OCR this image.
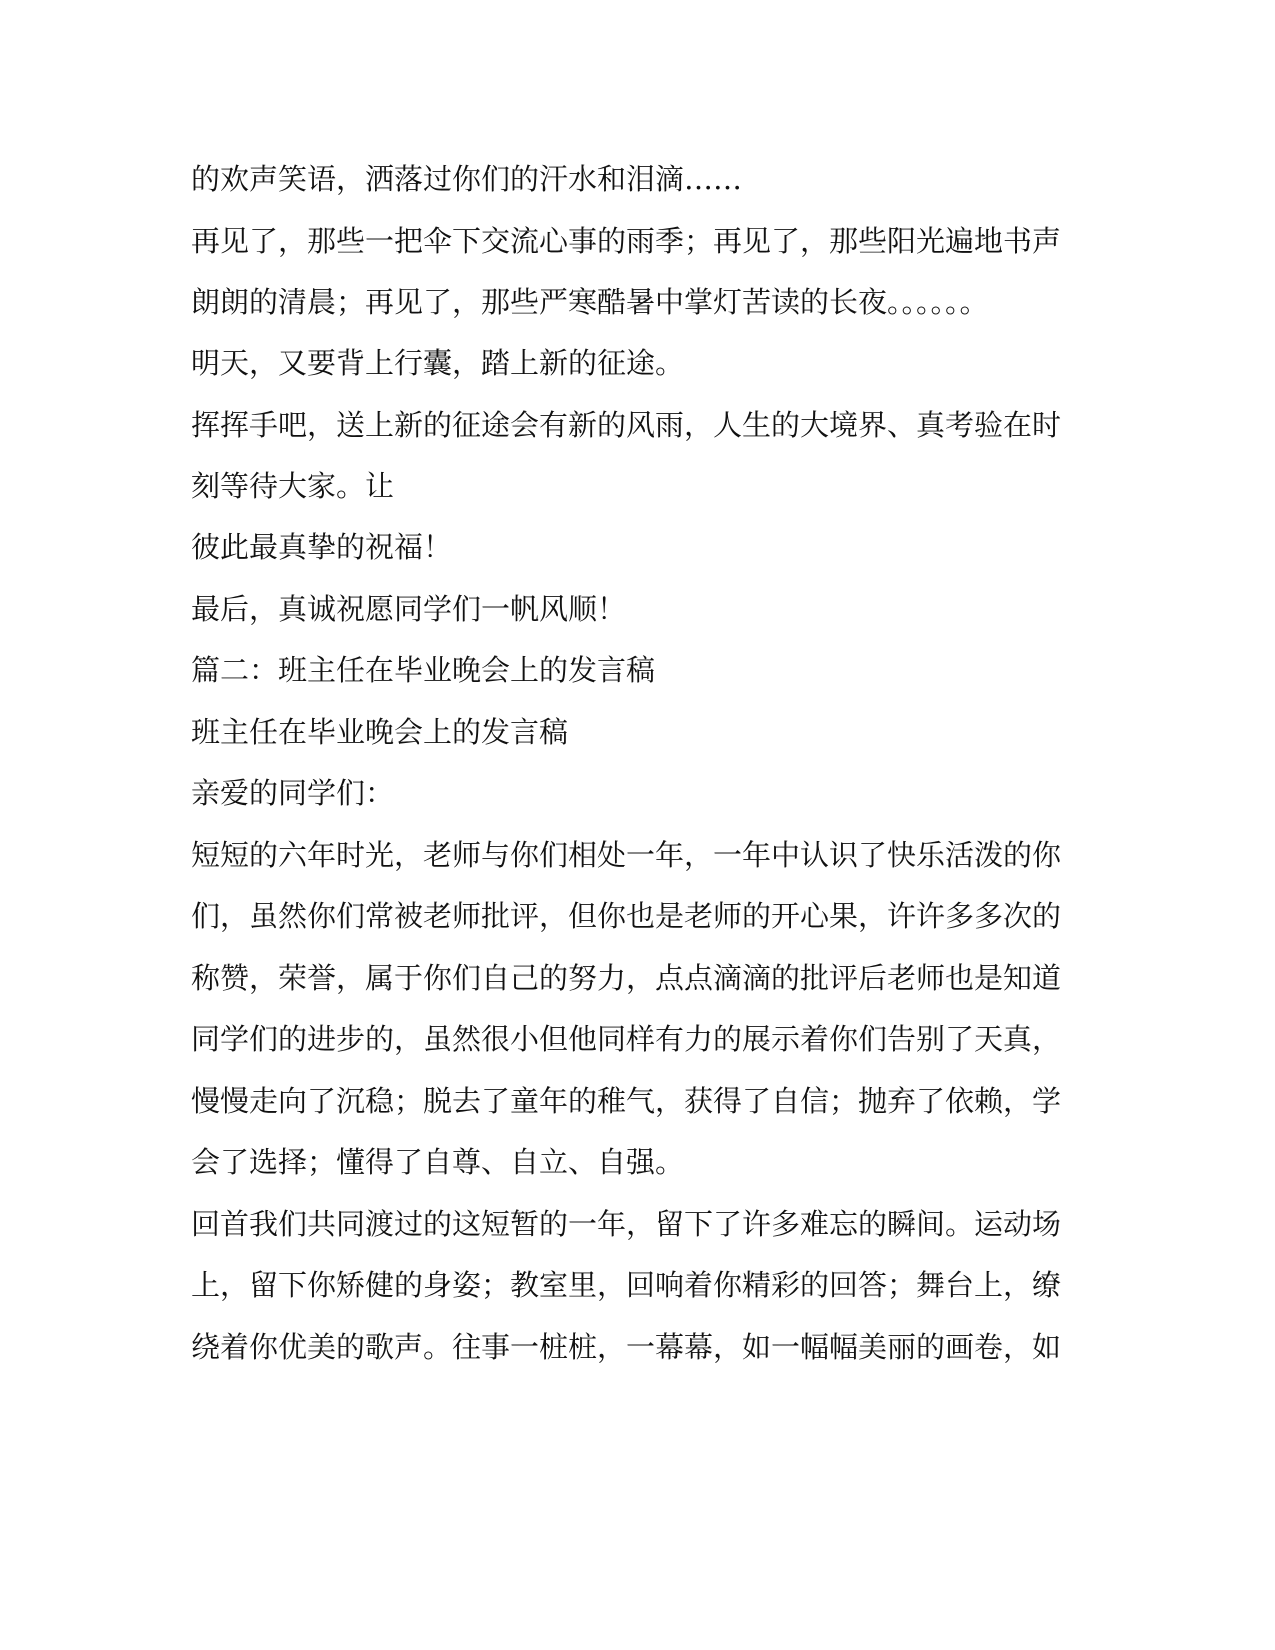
的欢声笑语，洒落过你们的汗水和泪滴……
再见了，那些一把伞下交流心事的雨季；再见了，那些阳光遍地书声
朗朗的清晨；再见了，那些严寒酷暑中掌灯苦读的长夜。。。。。。
明天，又要背上行囊，踏上新的征途。
挥挥手吧，送上新的征途会有新的风雨，人生的大境界、真考验在时
刻等待大家。让
彼此最真挚的祝福！
最后，真诚祝愿同学们一帆风顺！
篇二：班主任在毕业晚会上的发言稿
班主任在毕业晚会上的发言稿
亲爱的同学们：
短短的六年时光，老师与你们相处一年，一年中认识了快乐活泼的你
们，虽然你们常被老师批评，但你也是老师的开心果，许许多多次的
称赞，荣誉，属于你们自己的努力，点点滴滴的批评后老师也是知道
同学们的进步的，虽然很小但他同样有力的展示着你们告别了天真，
慢慢走向了沉稳；脱去了童年的稚气，获得了自信；抛弃了依赖，学
会了选择；懂得了自尊、自立、自强。
回首我们共同渡过的这短暂的一年，留下了许多难忘的瞬间。运动场
上，留下你矫健的身姿；教室里，回响着你精彩的回答；舞台上，缭
绕着你优美的歌声。往事一桩桩，一幕幕，如一幅幅美丽的画卷，如
